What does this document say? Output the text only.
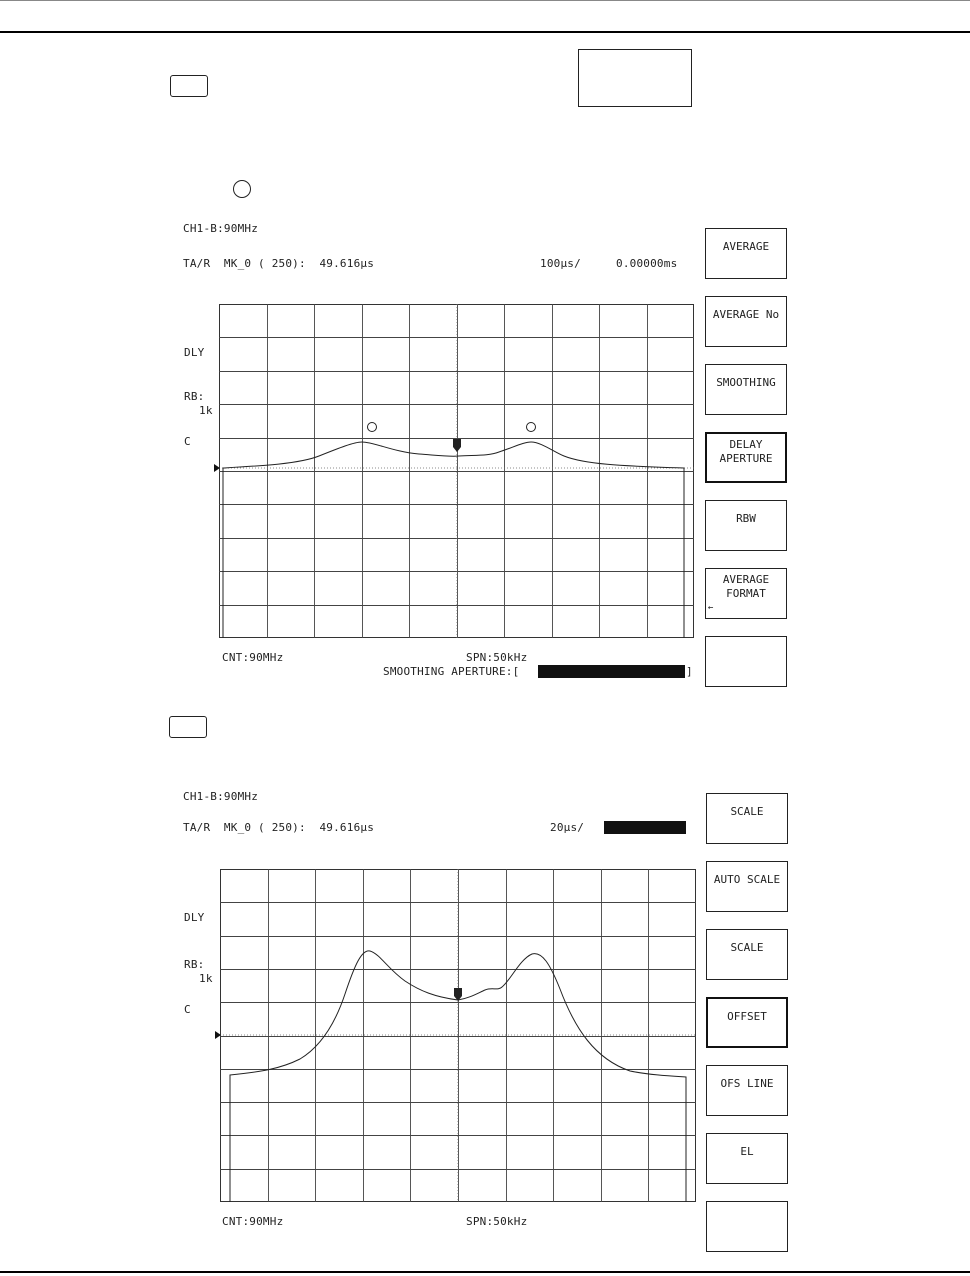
CH1-B:90MHz
TA/R  MK_0 ( 250):  49.616µs	100µs/	0.00000ms
DLY
RB:
1k
C
CNT:90MHz	SPN:50kHz
SMOOTHING APERTURE:[	]
AVERAGE
AVERAGE No
SMOOTHING
DELAY
APERTURE
RBW
AVERAGE
FORMAT
←
CH1-B:90MHz
TA/R  MK_0 ( 250):  49.616µs	20µs/
DLY
RB:
1k
C
CNT:90MHz	SPN:50kHz
SCALE
AUTO SCALE
SCALE
OFFSET
OFS LINE
EL
